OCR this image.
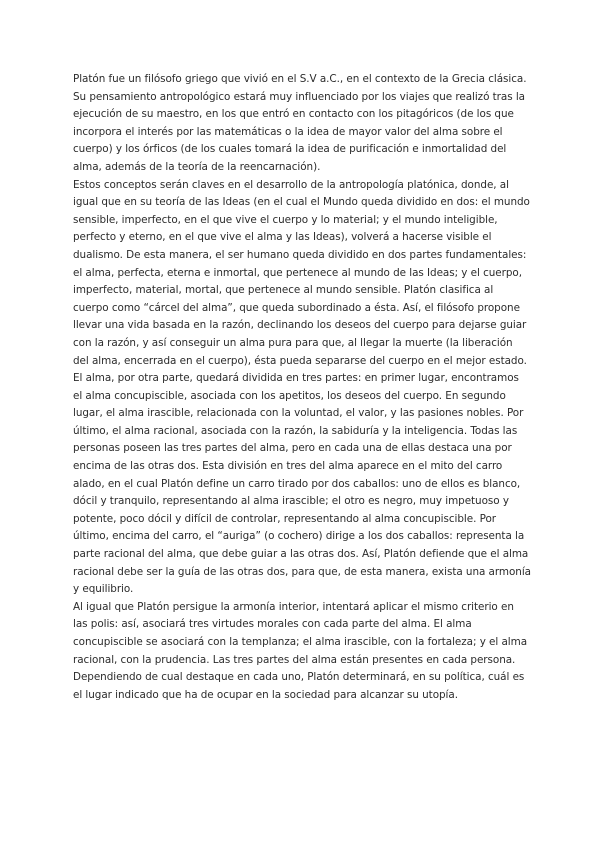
Platón fue un filósofo griego que vivió en el S.V a.C., en el contexto de la Grecia clásica. Su pensamiento antropológico estará muy influenciado por los viajes que realizó tras la ejecución de su maestro, en los que entró en contacto con los pitagóricos (de los que incorpora el interés por las matemáticas o la idea de mayor valor del alma sobre el cuerpo) y los órficos (de los cuales tomará la idea de purificación e inmortalidad del alma, además de la teoría de la reencarnación).

Estos conceptos serán claves en el desarrollo de la antropología platónica, donde, al igual que en su teoría de las Ideas (en el cual el Mundo queda dividido en dos: el mundo sensible, imperfecto, en el que vive el cuerpo y lo material; y el mundo inteligible, perfecto y eterno, en el que vive el alma y las Ideas), volverá a hacerse visible el dualismo. De esta manera, el ser humano queda dividido en dos partes fundamentales: el alma, perfecta, eterna e inmortal, que pertenece al mundo de las Ideas; y el cuerpo, imperfecto, material, mortal, que pertenece al mundo sensible. Platón clasifica al cuerpo como “cárcel del alma”, que queda subordinado a ésta. Así, el filósofo propone llevar una vida basada en la razón, declinando los deseos del cuerpo para dejarse guiar con la razón, y así conseguir un alma pura para que, al llegar la muerte (la liberación del alma, encerrada en el cuerpo), ésta pueda separarse del cuerpo en el mejor estado.

El alma, por otra parte, quedará dividida en tres partes: en primer lugar, encontramos el alma concupiscible, asociada con los apetitos, los deseos del cuerpo. En segundo lugar, el alma irascible, relacionada con la voluntad, el valor, y las pasiones nobles. Por último, el alma racional, asociada con la razón, la sabiduría y la inteligencia. Todas las personas poseen las tres partes del alma, pero en cada una de ellas destaca una por encima de las otras dos. Esta división en tres del alma aparece en el mito del carro alado, en el cual Platón define un carro tirado por dos caballos: uno de ellos es blanco, dócil y tranquilo, representando al alma irascible; el otro es negro, muy impetuoso y potente, poco dócil y difícil de controlar, representando al alma concupiscible. Por último, encima del carro, el “auriga” (o cochero) dirige a los dos caballos: representa la parte racional del alma, que debe guiar a las otras dos. Así, Platón defiende que el alma racional debe ser la guía de las otras dos, para que, de esta manera, exista una armonía y equilibrio.

Al igual que Platón persigue la armonía interior, intentará aplicar el mismo criterio en las polis: así, asociará tres virtudes morales con cada parte del alma. El alma concupiscible se asociará con la templanza; el alma irascible, con la fortaleza; y el alma racional, con la prudencia. Las tres partes del alma están presentes en cada persona. Dependiendo de cual destaque en cada uno, Platón determinará, en su política, cuál es el lugar indicado que ha de ocupar en la sociedad para alcanzar su utopía.
